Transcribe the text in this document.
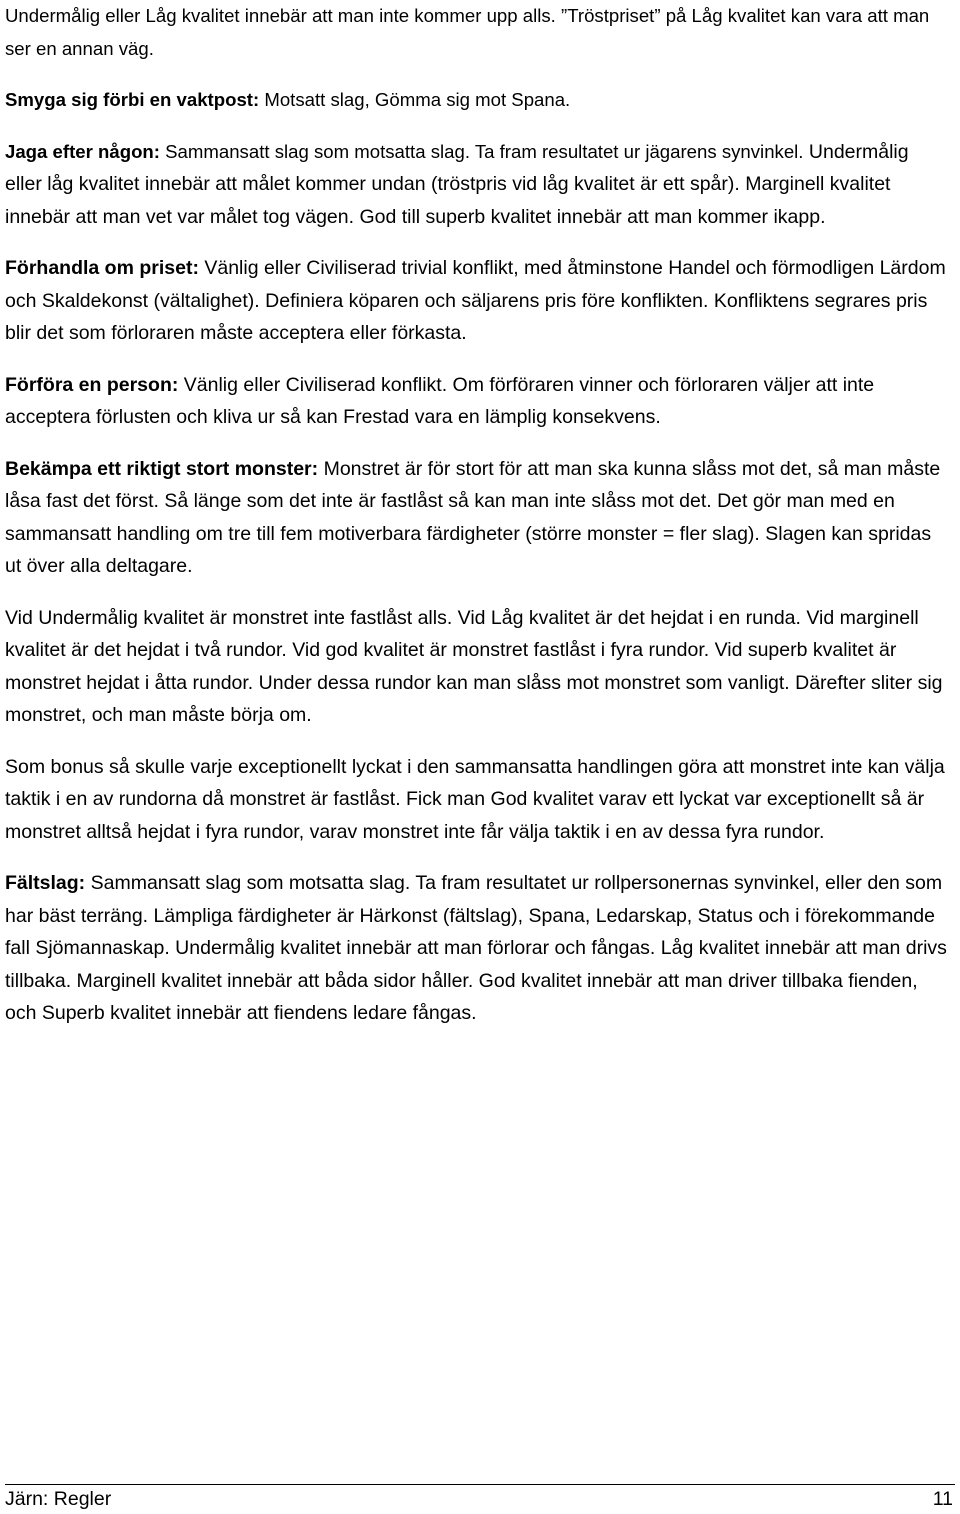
Undermålig eller Låg kvalitet innebär att man inte kommer upp alls. ”Tröstpriset” på Låg kvalitet kan vara att man ser en annan väg.

Smyga sig förbi en vaktpost: Motsatt slag, Gömma sig mot Spana.

Jaga efter någon: Sammansatt slag som motsatta slag. Ta fram resultatet ur jägarens synvinkel. Undermålig eller låg kvalitet innebär att målet kommer undan (tröstpris vid låg kvalitet är ett spår). Marginell kvalitet innebär att man vet var målet tog vägen. God till superb kvalitet innebär att man kommer ikapp.

Förhandla om priset: Vänlig eller Civiliserad trivial konflikt, med åtminstone Handel och förmodligen Lärdom och Skaldekonst (vältalighet). Definiera köparen och säljarens pris före konflikten. Konfliktens segrares pris blir det som förloraren måste acceptera eller förkasta.

Förföra en person: Vänlig eller Civiliserad konflikt. Om förföraren vinner och förloraren väljer att inte acceptera förlusten och kliva ur så kan Frestad vara en lämplig konsekvens.

Bekämpa ett riktigt stort monster: Monstret är för stort för att man ska kunna slåss mot det, så man måste låsa fast det först. Så länge som det inte är fastlåst så kan man inte slåss mot det. Det gör man med en sammansatt handling om tre till fem motiverbara färdigheter (större monster = fler slag). Slagen kan spridas ut över alla deltagare.

Vid Undermålig kvalitet är monstret inte fastlåst alls. Vid Låg kvalitet är det hejdat i en runda. Vid marginell kvalitet är det hejdat i två rundor. Vid god kvalitet är monstret fastlåst i fyra rundor. Vid superb kvalitet är monstret hejdat i åtta rundor. Under dessa rundor kan man slåss mot monstret som vanligt. Därefter sliter sig monstret, och man måste börja om.

Som bonus så skulle varje exceptionellt lyckat i den sammansatta handlingen göra att monstret inte kan välja taktik i en av rundorna då monstret är fastlåst. Fick man God kvalitet varav ett lyckat var exceptionellt så är monstret alltså hejdat i fyra rundor, varav monstret inte får välja taktik i en av dessa fyra rundor.

Fältslag: Sammansatt slag som motsatta slag. Ta fram resultatet ur rollpersonernas synvinkel, eller den som har bäst terräng. Lämpliga färdigheter är Härkonst (fältslag), Spana, Ledarskap, Status och i förekommande fall Sjömannaskap. Undermålig kvalitet innebär att man förlorar och fångas. Låg kvalitet innebär att man drivs tillbaka. Marginell kvalitet innebär att båda sidor håller. God kvalitet innebär att man driver tillbaka fienden, och Superb kvalitet innebär att fiendens ledare fångas.

Järn: Regler	11
